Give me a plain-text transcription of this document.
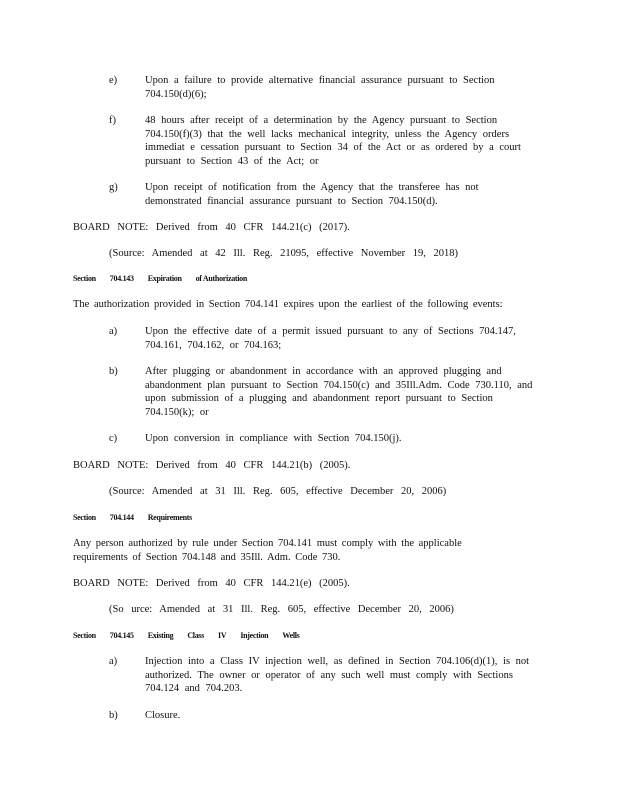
e)	Upon a failure to provide alternative financial assurance pursuant to Section 704.150(d)(6);
f)	48 hours after receipt of a determination by the Agency pursuant to Section 704.150(f)(3) that the well lacks mechanical integrity, unless the Agency orders immediat e cessation pursuant to Section 34 of the Act or as ordered by a court pursuant to Section 43 of the Act; or
g)	Upon receipt of notification from the Agency that the transferee has not demonstrated financial assurance pursuant to Section 704.150(d).
BOARD NOTE: Derived from 40 CFR 144.21(c) (2017).
(Source: Amended at 42 Ill. Reg. 21095, effective November 19, 2018)
Section 704.143 Expiration of Authorization
The authorization provided in Section 704.141 expires upon the earliest of the following events:
a)	Upon the effective date of a permit issued pursuant to any of Sections 704.147, 704.161, 704.162, or 704.163;
b)	After plugging or abandonment in accordance with an approved plugging and abandonment plan pursuant to Section 704.150(c) and 35Ill.Adm. Code 730.110, and upon submission of a plugging and abandonment report pursuant to Section 704.150(k); or
c)	Upon conversion in compliance with Section 704.150(j).
BOARD NOTE: Derived from 40 CFR 144.21(b) (2005).
(Source: Amended at 31 Ill. Reg. 605, effective December 20, 2006)
Section 704.144 Requirements
Any person authorized by rule under Section 704.141 must comply with the applicable requirements of Section 704.148 and 35Ill. Adm. Code 730.
BOARD NOTE: Derived from 40 CFR 144.21(e) (2005).
(So urce: Amended at 31 Ill. Reg. 605, effective December 20, 2006)
Section 704.145 Existing Class IV Injection Wells
a)	Injection into a Class IV injection well, as defined in Section 704.106(d)(1), is not authorized. The owner or operator of any such well must comply with Sections 704.124 and 704.203.
b)	Closure.
